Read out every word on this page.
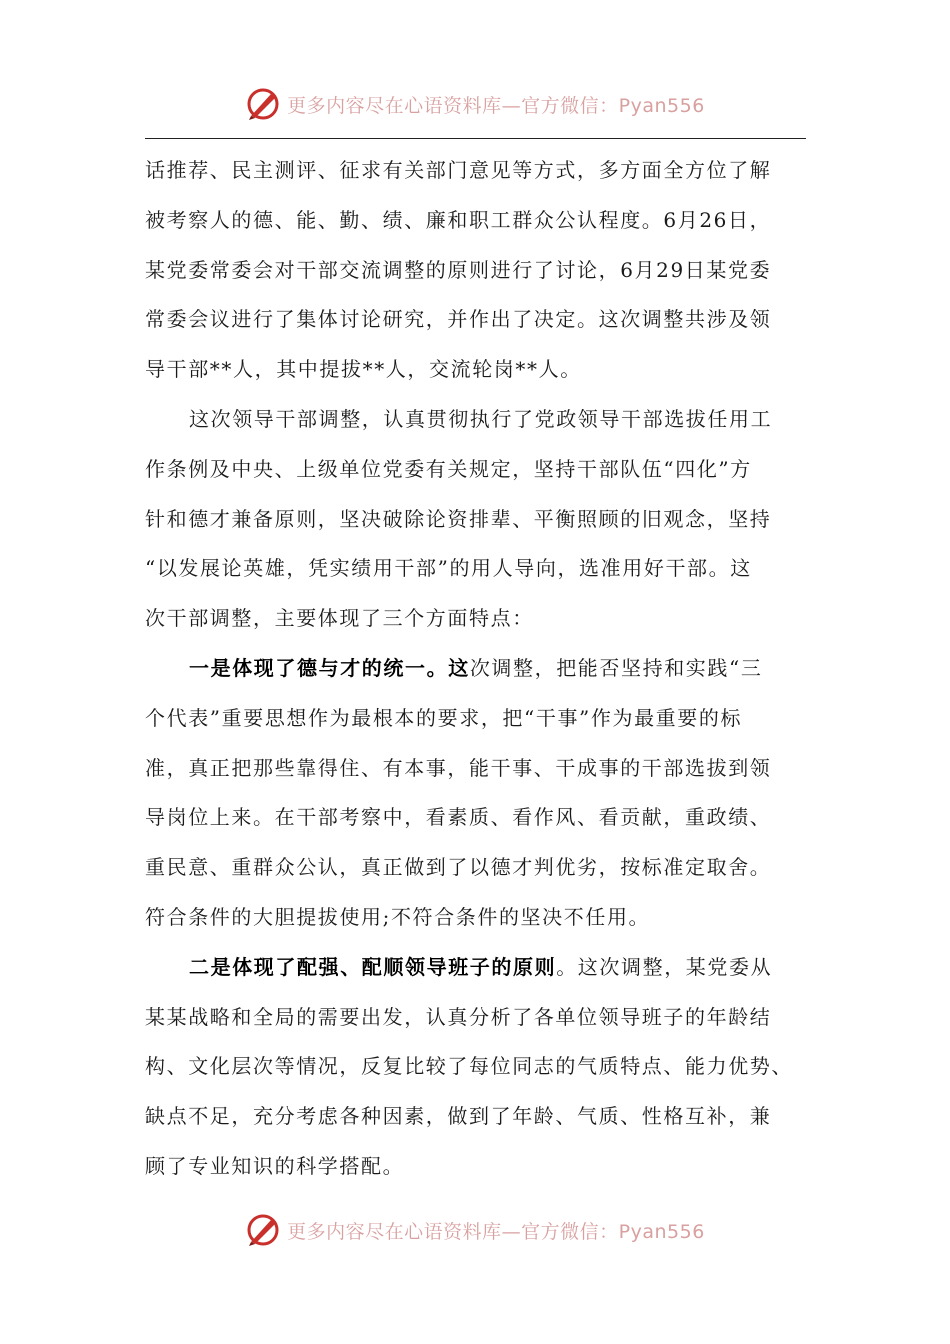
更多内容尽在心语资料库—官方微信：Pyan556
话推荐、民主测评、征求有关部门意见等方式，多方面全方位了解
被考察人的德、能、勤、绩、廉和职工群众公认程度。6月26日，
某党委常委会对干部交流调整的原则进行了讨论，6月29日某党委
常委会议进行了集体讨论研究，并作出了决定。这次调整共涉及领
导干部**人，其中提拔**人，交流轮岗**人。
这次领导干部调整，认真贯彻执行了党政领导干部选拔任用工
作条例及中央、上级单位党委有关规定，坚持干部队伍“四化”方
针和德才兼备原则，坚决破除论资排辈、平衡照顾的旧观念，坚持
“以发展论英雄，凭实绩用干部”的用人导向，选准用好干部。这
次干部调整，主要体现了三个方面特点：
一是体现了德与才的统一。这次调整，把能否坚持和实践“三
个代表”重要思想作为最根本的要求，把“干事”作为最重要的标
准，真正把那些靠得住、有本事，能干事、干成事的干部选拔到领
导岗位上来。在干部考察中，看素质、看作风、看贡献，重政绩、
重民意、重群众公认，真正做到了以德才判优劣，按标准定取舍。
符合条件的大胆提拔使用;不符合条件的坚决不任用。
二是体现了配强、配顺领导班子的原则。这次调整，某党委从
某某战略和全局的需要出发，认真分析了各单位领导班子的年龄结
构、文化层次等情况，反复比较了每位同志的气质特点、能力优势、
缺点不足，充分考虑各种因素，做到了年龄、气质、性格互补，兼
顾了专业知识的科学搭配。
更多内容尽在心语资料库—官方微信：Pyan556
